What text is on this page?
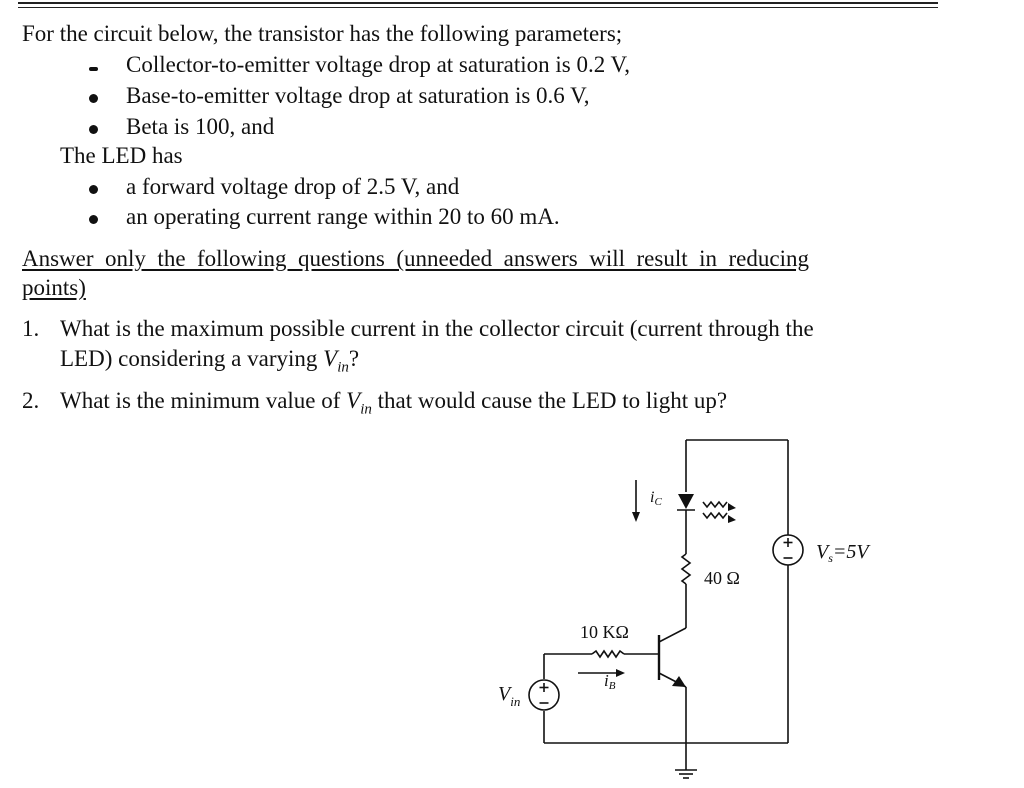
For the circuit below, the transistor has the following parameters;
Collector-to-emitter voltage drop at saturation is 0.2 V,
Base-to-emitter voltage drop at saturation is 0.6 V,
Beta is 100, and
The LED has
a forward voltage drop of 2.5 V, and
an operating current range within 20 to 60 mA.
Answer  only  the  following  questions  (unneeded  answers  will  result  in  reducing
points)
1. What is the maximum possible current in the collector circuit (current through the
LED) considering a varying $V_{in}$?
2. What is the minimum value of $V_{in}$ that would cause the LED to light up?
iC
40 Ω
10 KΩ
iB
$V_s=5V$
$V_{in}$
